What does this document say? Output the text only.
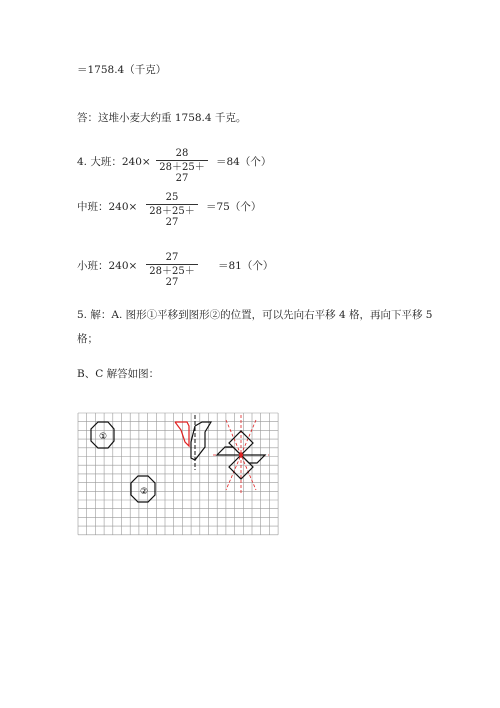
＝1758.4（千克）
答：这堆小麦大约重 1758.4 千克。
4. 大班：240×
28
28＋25＋27
＝84（个）
中班：240×
25
28＋25＋27
＝75（个）
小班：240×
27
28＋25＋27
＝81（个）
5. 解：A. 图形①平移到图形②的位置，可以先向右平移 4 格，再向下平移 5
格；
B、C 解答如图：
①
②
